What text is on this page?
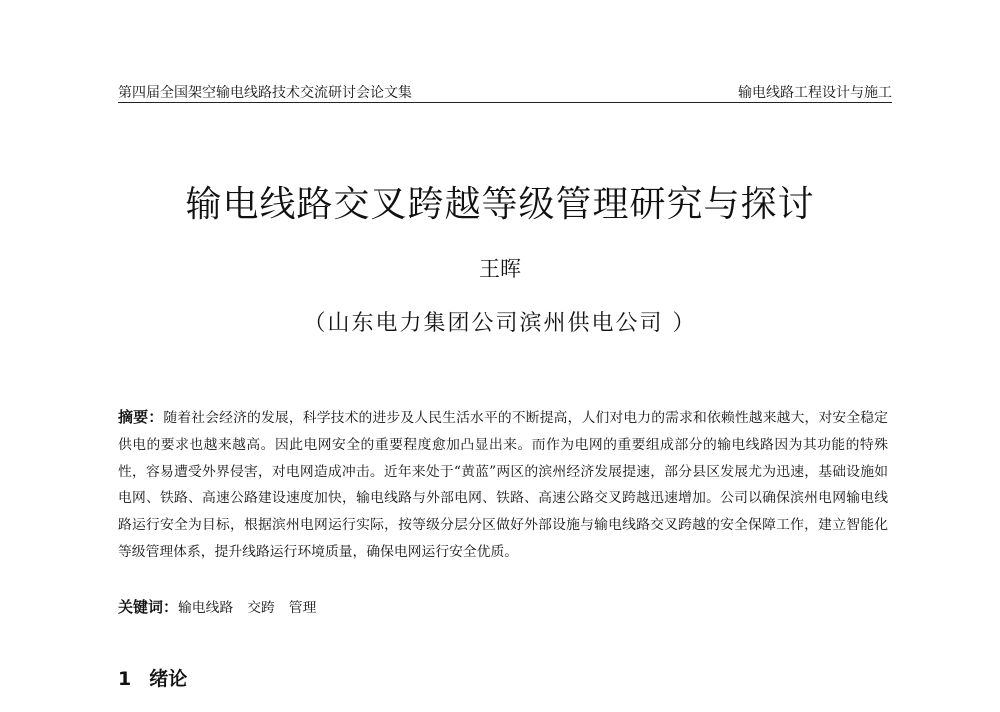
第四届全国架空输电线路技术交流研讨会论文集	输电线路工程设计与施工
输电线路交叉跨越等级管理研究与探讨
王晖
（山东电力集团公司滨州供电公司 ）
摘要：随着社会经济的发展，科学技术的进步及人民生活水平的不断提高，人们对电力的需求和依赖性越来越大，对安全稳定供电的要求也越来越高。因此电网安全的重要程度愈加凸显出来。而作为电网的重要组成部分的输电线路因为其功能的特殊性，容易遭受外界侵害，对电网造成冲击。近年来处于“黄蓝”两区的滨州经济发展提速，部分县区发展尤为迅速，基础设施如电网、铁路、高速公路建设速度加快，输电线路与外部电网、铁路、高速公路交叉跨越迅速增加。公司以确保滨州电网输电线路运行安全为目标，根据滨州电网运行实际，按等级分层分区做好外部设施与输电线路交叉跨越的安全保障工作，建立智能化等级管理体系，提升线路运行环境质量，确保电网运行安全优质。
关键词：输电线路 交跨 管理
1 绪论
